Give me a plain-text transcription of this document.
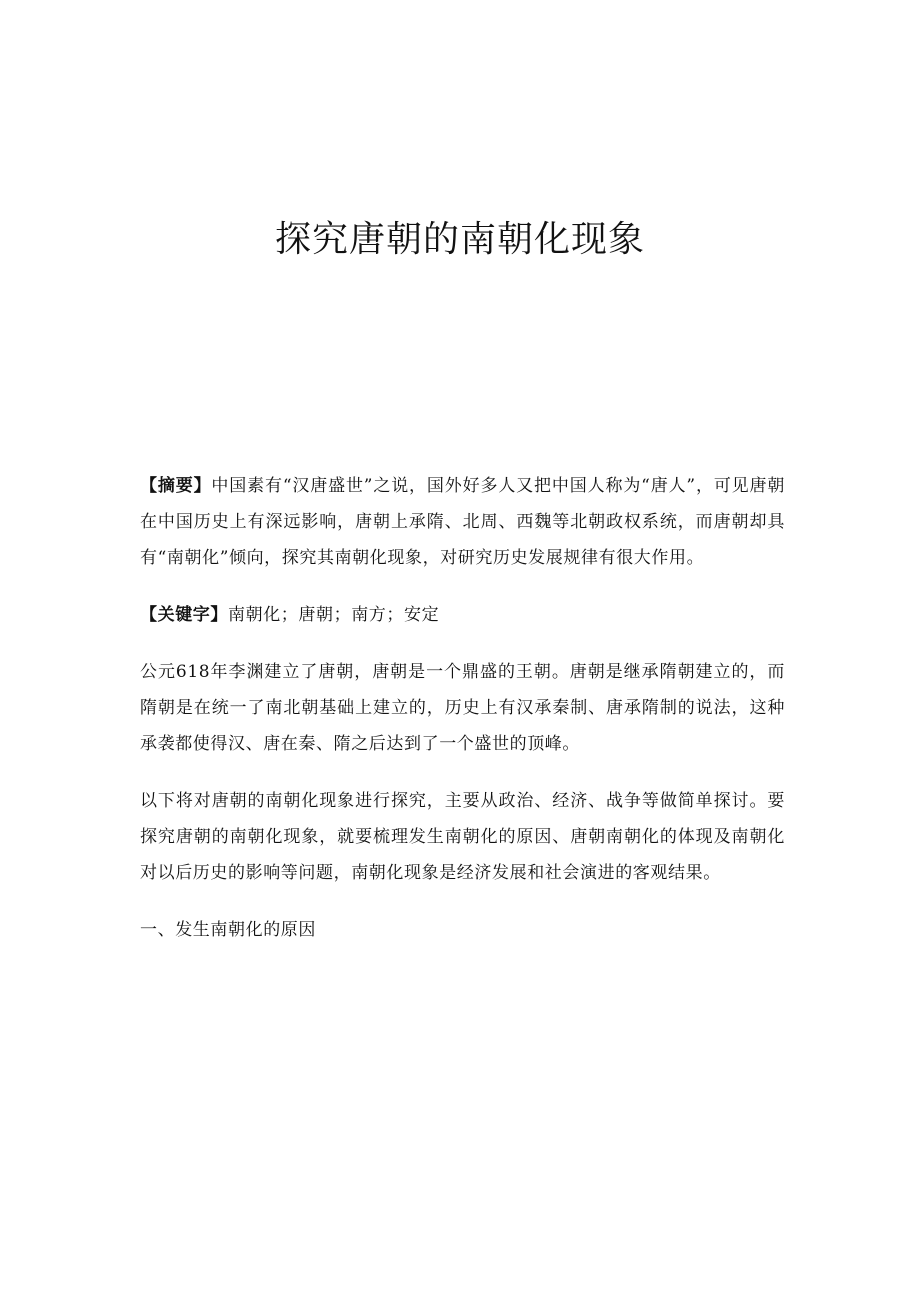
探究唐朝的南朝化现象

【摘要】中国素有“汉唐盛世”之说，国外好多人又把中国人称为“唐人”，可见唐朝在中国历史上有深远影响，唐朝上承隋、北周、西魏等北朝政权系统，而唐朝却具有“南朝化”倾向，探究其南朝化现象，对研究历史发展规律有很大作用。

【关键字】南朝化；唐朝；南方；安定

公元618年李渊建立了唐朝，唐朝是一个鼎盛的王朝。唐朝是继承隋朝建立的，而隋朝是在统一了南北朝基础上建立的，历史上有汉承秦制、唐承隋制的说法，这种承袭都使得汉、唐在秦、隋之后达到了一个盛世的顶峰。

以下将对唐朝的南朝化现象进行探究，主要从政治、经济、战争等做简单探讨。要探究唐朝的南朝化现象，就要梳理发生南朝化的原因、唐朝南朝化的体现及南朝化对以后历史的影响等问题，南朝化现象是经济发展和社会演进的客观结果。

一、发生南朝化的原因
